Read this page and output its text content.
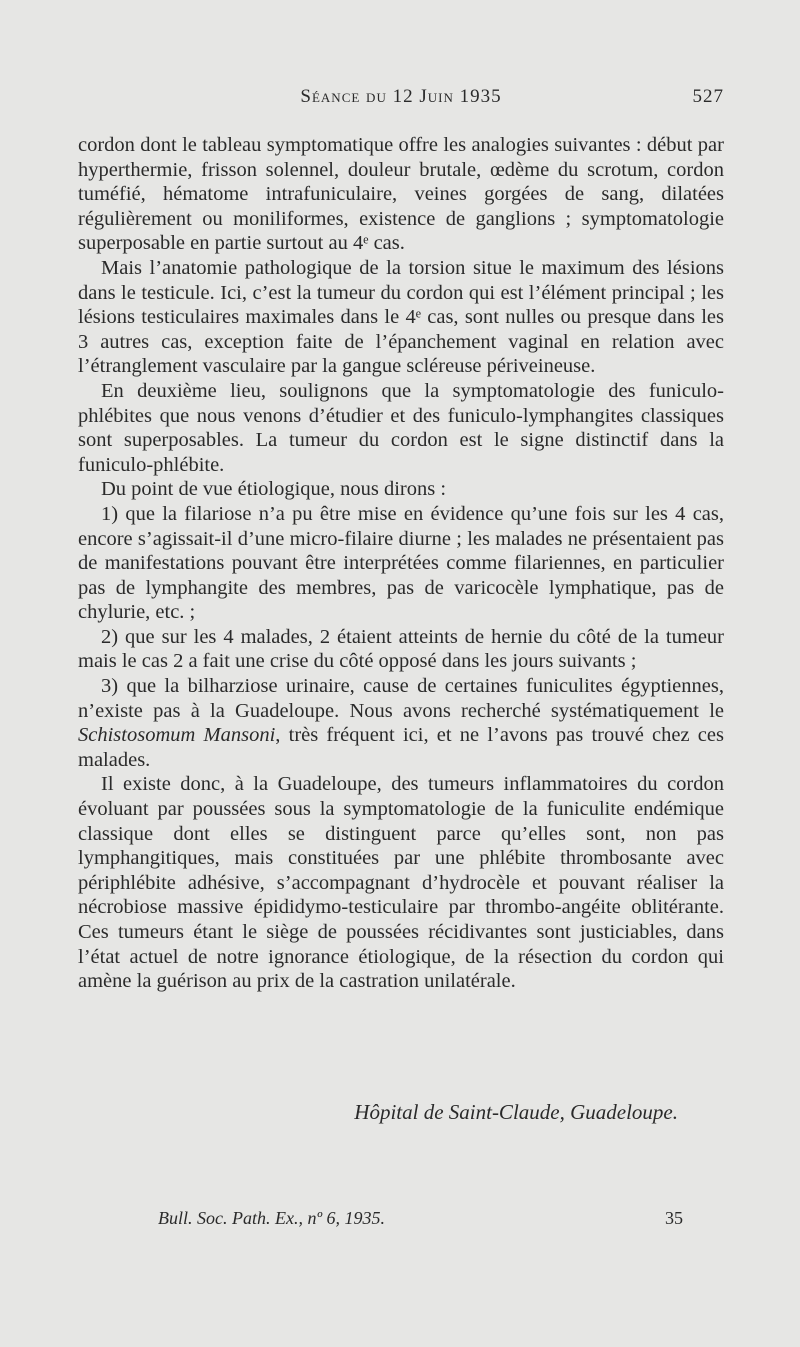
Séance du 12 Juin 1935	527

cordon dont le tableau symptomatique offre les analogies suivantes : début par hyperthermie, frisson solennel, douleur brutale, œdème du scrotum, cordon tuméfié, hématome intrafuniculaire, veines gorgées de sang, dilatées régulièrement ou moniliformes, existence de ganglions ; symptomatologie superposable en partie surtout au 4ᵉ cas.

Mais l’anatomie pathologique de la torsion situe le maximum des lésions dans le testicule. Ici, c’est la tumeur du cordon qui est l’élément principal ; les lésions testiculaires maximales dans le 4ᵉ cas, sont nulles ou presque dans les 3 autres cas, exception faite de l’épanchement vaginal en relation avec l’étranglement vasculaire par la gangue scléreuse périveineuse.

En deuxième lieu, soulignons que la symptomatologie des funiculo-phlébites que nous venons d’étudier et des funiculo-lymphangites classiques sont superposables. La tumeur du cordon est le signe distinctif dans la funiculo-phlébite.

Du point de vue étiologique, nous dirons :

1) que la filariose n’a pu être mise en évidence qu’une fois sur les 4 cas, encore s’agissait-il d’une micro-filaire diurne ; les malades ne présentaient pas de manifestations pouvant être interprétées comme filariennes, en particulier pas de lymphangite des membres, pas de varicocèle lymphatique, pas de chylurie, etc. ;

2) que sur les 4 malades, 2 étaient atteints de hernie du côté de la tumeur mais le cas 2 a fait une crise du côté opposé dans les jours suivants ;

3) que la bilharziose urinaire, cause de certaines funiculites égyptiennes, n’existe pas à la Guadeloupe. Nous avons recherché systématiquement le Schistosomum Mansoni, très fréquent ici, et ne l’avons pas trouvé chez ces malades.

Il existe donc, à la Guadeloupe, des tumeurs inflammatoires du cordon évoluant par poussées sous la symptomatologie de la funiculite endémique classique dont elles se distinguent parce qu’elles sont, non pas lymphangitiques, mais constituées par une phlébite thrombosante avec périphlébite adhésive, s’accompagnant d’hydrocèle et pouvant réaliser la nécrobiose massive épididymo-testiculaire par thrombo-angéite oblitérante. Ces tumeurs étant le siège de poussées récidivantes sont justiciables, dans l’état actuel de notre ignorance étiologique, de la résection du cordon qui amène la guérison au prix de la castration unilatérale.

Hôpital de Saint-Claude, Guadeloupe.
Bull. Soc. Path. Ex., nº 6, 1935.	35
